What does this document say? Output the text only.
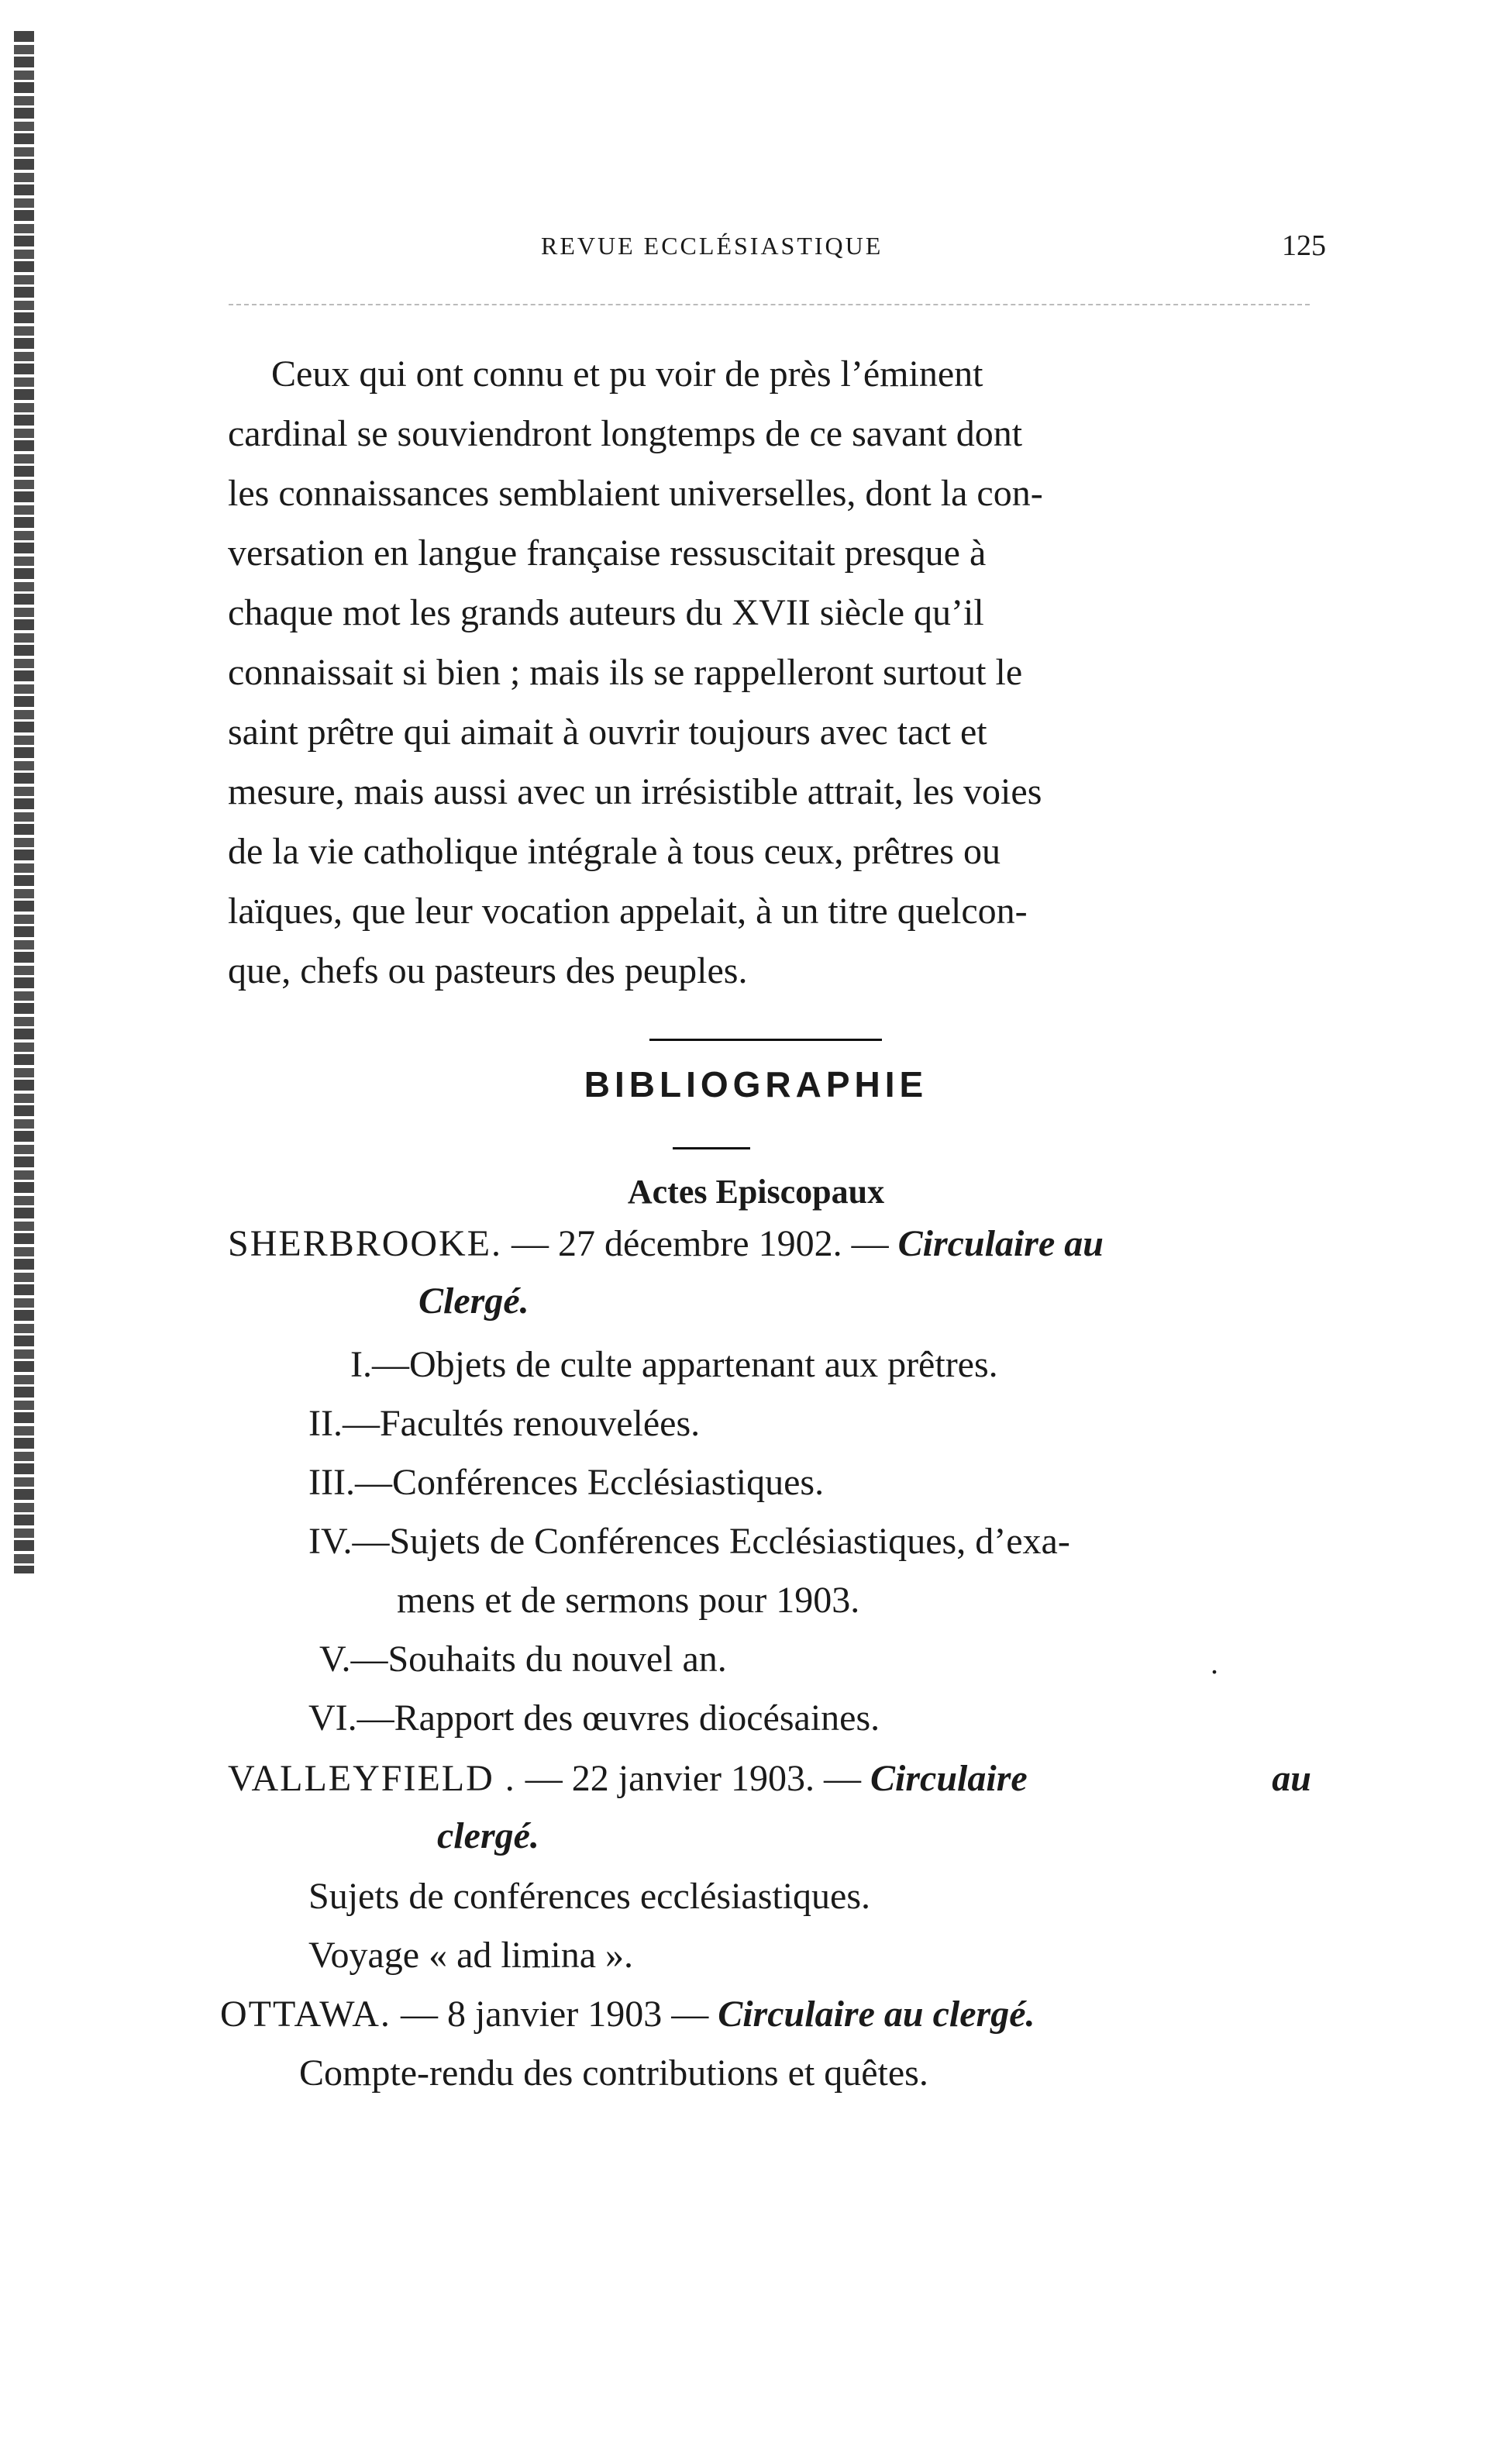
REVUE ECCLÉSIASTIQUE	125
Ceux qui ont connu et pu voir de près l’éminent
cardinal se souviendront longtemps de ce savant dont
les connaissances semblaient universelles, dont la con-
versation en langue française ressuscitait presque à
chaque mot les grands auteurs du XVII siècle qu’il
connaissait si bien ; mais ils se rappelleront surtout le
saint prêtre qui aimait à ouvrir toujours avec tact et
mesure, mais aussi avec un irrésistible attrait, les voies
de la vie catholique intégrale à tous ceux, prêtres ou
laïques, que leur vocation appelait, à un titre quelcon-
que, chefs ou pasteurs des peuples.
BIBLIOGRAPHIE
Actes Episcopaux
SHERBROOKE. — 27 décembre 1902. — Circulaire au
Clergé.
I.—Objets de culte appartenant aux prêtres.
II.—Facultés renouvelées.
III.—Conférences Ecclésiastiques.
IV.—Sujets de Conférences Ecclésiastiques, d’exa-
mens et de sermons pour 1903.
V.—Souhaits du nouvel an.	.
VI.—Rapport des œuvres diocésaines.
VALLEYFIELD . — 22 janvier 1903. — Circulaire	au
clergé.
Sujets de conférences ecclésiastiques.
Voyage « ad limina ».
OTTAWA. — 8 janvier 1903 — Circulaire au clergé.
Compte-rendu des contributions et quêtes.
